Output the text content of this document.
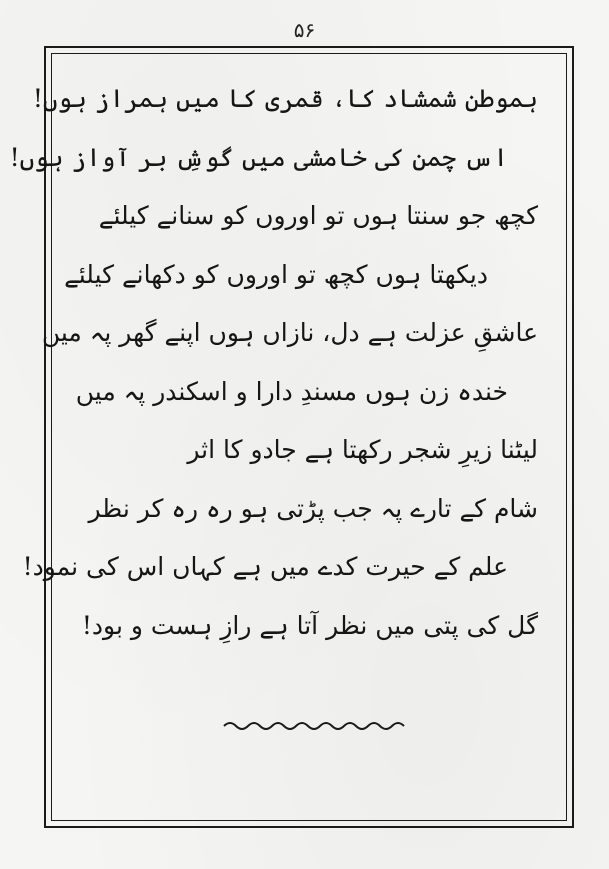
۵۶
ہموطن شمشاد کا، قمری کا میں ہمراز ہوں!
اس چمن کی خامشی میں گوشِ بر آواز ہوں!
کچھ جو سنتا ہوں تو اوروں کو سنانے کیلئے
دیکھتا ہوں کچھ تو اوروں کو دکھانے کیلئے
عاشقِ عزلت ہے دل، نازاں ہوں اپنے گھر پہ میں
خندہ زن ہوں مسندِ دارا و اسکندر پہ میں
لیٹنا زیرِ شجر رکھتا ہے جادو کا اثر
شام کے تارے پہ جب پڑتی ہو رہ رہ کر نظر
علم کے حیرت کدے میں ہے کہاں اس کی نمود!
گل کی پتی میں نظر آتا ہے رازِ ہست و بود!
